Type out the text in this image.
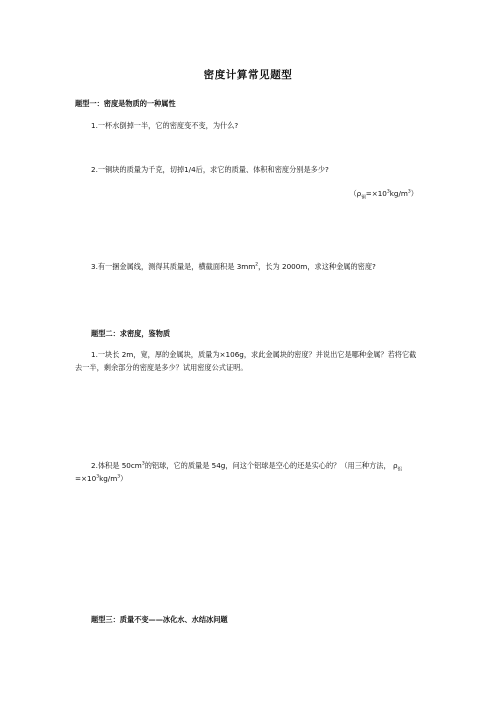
密度计算常见题型
题型一：密度是物质的一种属性
1.一杯水倒掉一半，它的密度变不变，为什么?
2.一铜块的质量为千克，切掉1/4后，求它的质量、体积和密度分别是多少?
$(\rho_铜=\times 10^3kg/m^3)$
3.有一捆金属线，测得其质量是，横截面积是 $3mm^2$，长为 2000m，求这种金属的密度?
题型二：求密度，鉴物质
1.一块长 2m，宽，厚的金属块，质量为×106g，求此金属块的密度？并说出它是哪种金属？若将它截去一半，剩余部分的密度是多少？试用密度公式证明。
2.体积是 $50cm^3$的铝球，它的质量是 54g，问这个铝球是空心的还是实心的？（用三种方法， $\rho_铝=\times 10^3kg/m^3$）
题型三：质量不变——冰化水、水结冰问题
